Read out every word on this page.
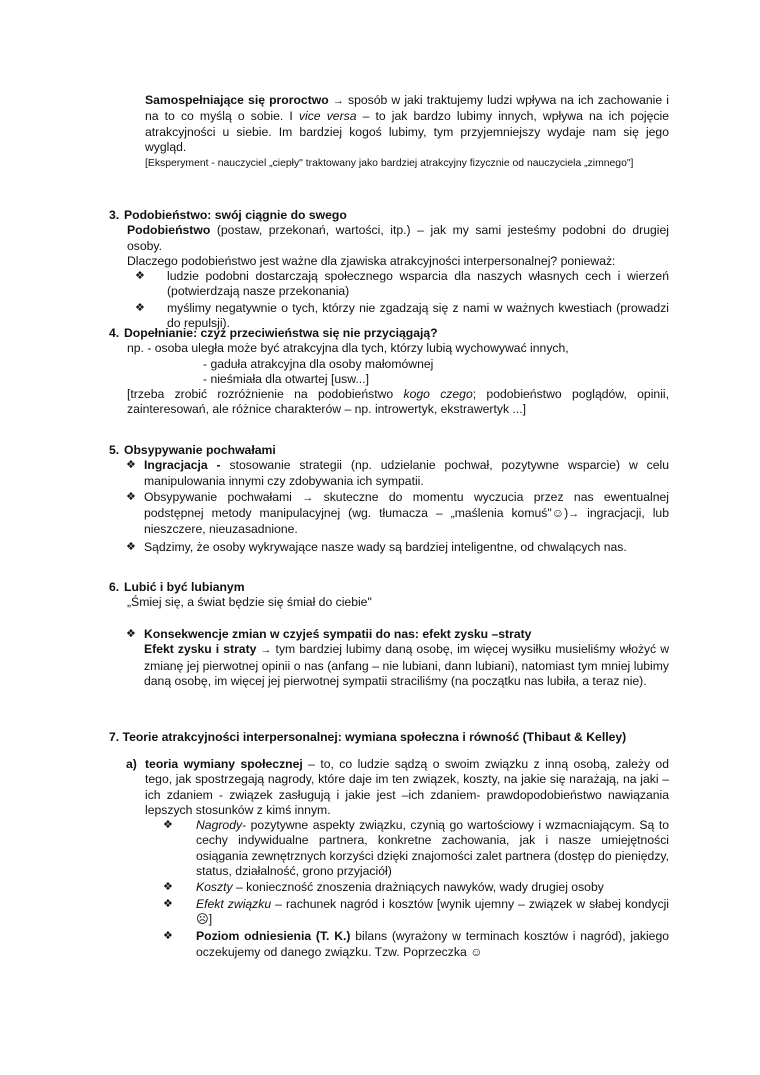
Samospełniające się proroctwo → sposób w jaki traktujemy ludzi wpływa na ich zachowanie i na to co myślą o sobie. I vice versa – to jak bardzo lubimy innych, wpływa na ich pojęcie atrakcyjności u siebie. Im bardziej kogoś lubimy, tym przyjemniejszy wydaje nam się jego wygląd.

[Eksperyment - nauczyciel „ciepły" traktowany jako bardziej atrakcyjny fizycznie od nauczyciela „zimnego"]

3. Podobieństwo: swój ciągnie do swego

Podobieństwo (postaw, przekonań, wartości, itp.) – jak my sami jesteśmy podobni do drugiej osoby.

Dlaczego podobieństwo jest ważne dla zjawiska atrakcyjności interpersonalnej? ponieważ:

❖ ludzie podobni dostarczają społecznego wsparcia dla naszych własnych cech i wierzeń (potwierdzają nasze przekonania)
❖ myślimy negatywnie o tych, którzy nie zgadzają się z nami w ważnych kwestiach (prowadzi do repulsji).

4. Dopełnianie: czyż przeciwieństwa się nie przyciągają?

np. - osoba uległa może być atrakcyjna dla tych, którzy lubią wychowywać innych,

- gaduła atrakcyjna dla osoby małomównej

- nieśmiała dla otwartej [usw...]

[trzeba zrobić rozróżnienie na podobieństwo kogo czego; podobieństwo poglądów, opinii, zainteresowań, ale różnice charakterów – np. introwertyk, ekstrawertyk ...]

5. Obsypywanie pochwałami

❖ Ingracjacja - stosowanie strategii (np. udzielanie pochwał, pozytywne wsparcie) w celu manipulowania innymi czy zdobywania ich sympatii.
❖ Obsypywanie pochwałami → skuteczne do momentu wyczucia przez nas ewentualnej podstępnej metody manipulacyjnej (wg. tłumacza – „maślenia komuś"☺)→ ingracjacji, lub nieszczere, nieuzasadnione.
❖ Sądzimy, że osoby wykrywające nasze wady są bardziej inteligentne, od chwalących nas.

6. Lubić i być lubianym

„Śmiej się, a świat będzie się śmiał do ciebie"

❖ Konsekwencje zmian w czyjeś sympatii do nas: efekt zysku –straty

Efekt zysku i straty → tym bardziej lubimy daną osobę, im więcej wysiłku musieliśmy włożyć w zmianę jej pierwotnej opinii o nas (anfang – nie lubiani, dann lubiani), natomiast tym mniej lubimy daną osobę, im więcej jej pierwotnej sympatii straciliśmy (na początku nas lubiła, a teraz nie).

7. Teorie atrakcyjności interpersonalnej: wymiana społeczna i równość (Thibaut & Kelley)

a) teoria wymiany społecznej – to, co ludzie sądzą o swoim związku z inną osobą, zależy od tego, jak spostrzegają nagrody, które daje im ten związek, koszty, na jakie się narażają, na jaki – ich zdaniem - związek zasługują i jakie jest –ich zdaniem- prawdopodobieństwo nawiązania lepszych stosunków z kimś innym.
❖ Nagrody- pozytywne aspekty związku, czynią go wartościowy i wzmacniającym. Są to cechy indywidualne partnera, konkretne zachowania, jak i nasze umiejętności osiągania zewnętrznych korzyści dzięki znajomości zalet partnera (dostęp do pieniędzy, status, działalność, grono przyjaciół)
❖ Koszty – konieczność znoszenia drażniących nawyków, wady drugiej osoby
❖ Efekt związku – rachunek nagród i kosztów [wynik ujemny – związek w słabej kondycji ☹]
❖ Poziom odniesienia (T. K.) bilans (wyrażony w terminach kosztów i nagród), jakiego oczekujemy od danego związku. Tzw. Poprzeczka ☺
